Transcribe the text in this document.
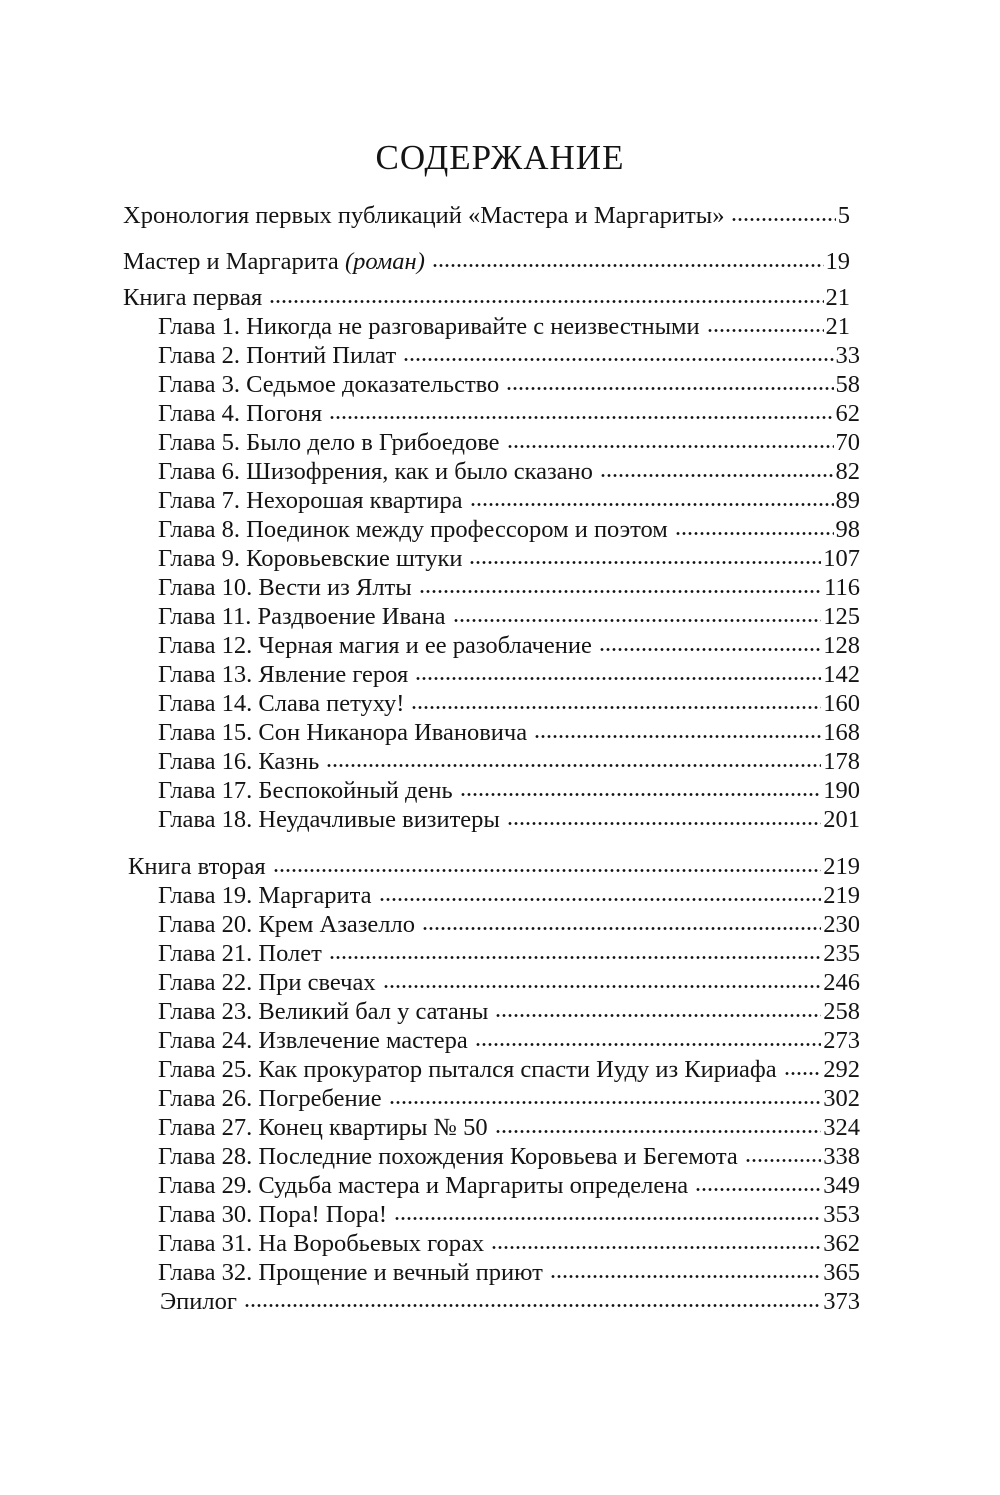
СОДЕРЖАНИЕ
Хронология первых публикаций «Мастера и Маргариты»	5
Мастер и Маргарита (роман)	19
Книга первая	21
Глава 1. Никогда не разговаривайте с неизвестными	21
Глава 2. Понтий Пилат	33
Глава 3. Седьмое доказательство	58
Глава 4. Погоня	62
Глава 5. Было дело в Грибоедове	70
Глава 6. Шизофрения, как и было сказано	82
Глава 7. Нехорошая квартира	89
Глава 8. Поединок между профессором и поэтом	98
Глава 9. Коровьевские штуки	107
Глава 10. Вести из Ялты	116
Глава 11. Раздвоение Ивана	125
Глава 12. Черная магия и ее разоблачение	128
Глава 13. Явление героя	142
Глава 14. Слава петуху!	160
Глава 15. Сон Никанора Ивановича	168
Глава 16. Казнь	178
Глава 17. Беспокойный день	190
Глава 18. Неудачливые визитеры	201
Книга вторая	219
Глава 19. Маргарита	219
Глава 20. Крем Азазелло	230
Глава 21. Полет	235
Глава 22. При свечах	246
Глава 23. Великий бал у сатаны	258
Глава 24. Извлечение мастера	273
Глава 25. Как прокуратор пытался спасти Иуду из Кириафа 292
Глава 26. Погребение	302
Глава 27. Конец квартиры № 50	324
Глава 28. Последние похождения Коровьева и Бегемота	338
Глава 29. Судьба мастера и Маргариты определена	349
Глава 30. Пора! Пора!	353
Глава 31. На Воробьевых горах	362
Глава 32. Прощение и вечный приют	365
Эпилог	373
